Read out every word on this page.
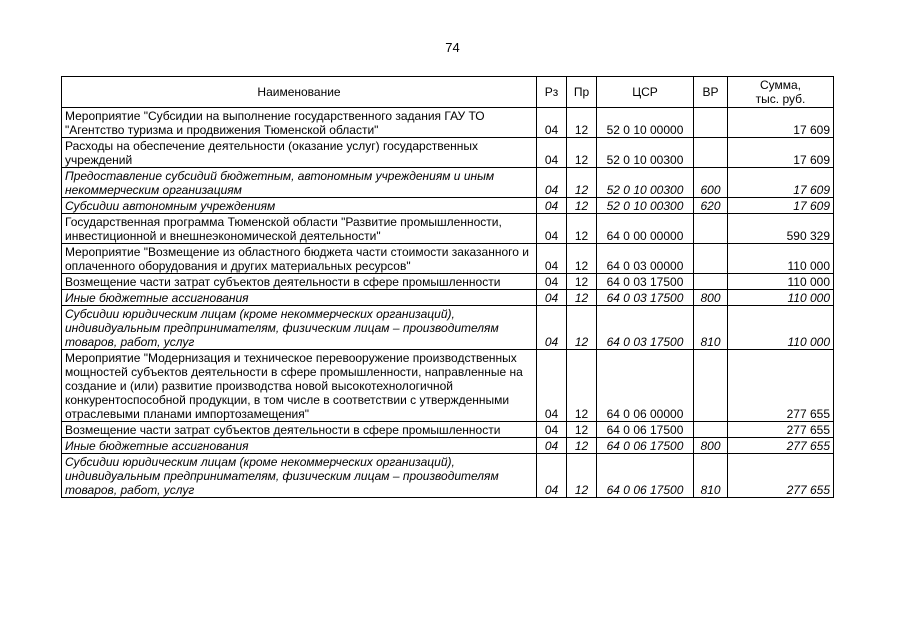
74
Наименование	Рз	Пр	ЦСР	ВР	Сумма,
тыс. руб.

Мероприятие "Субсидии на выполнение государственного задания ГАУ ТО "Агентство туризма и продвижения Тюменской области"	04	12	52 0 10 00000		17 609
Расходы на обеспечение деятельности (оказание услуг) государственных учреждений	04	12	52 0 10 00300		17 609
Предоставление субсидий бюджетным, автономным учреждениям и иным некоммерческим организациям	04	12	52 0 10 00300	600	17 609
Субсидии автономным учреждениям	04	12	52 0 10 00300	620	17 609
Государственная программа Тюменской области "Развитие промышленности, инвестиционной и внешнеэкономической деятельности"	04	12	64 0 00 00000		590 329
Мероприятие "Возмещение из областного бюджета части стоимости заказанного и оплаченного оборудования и других материальных ресурсов"	04	12	64 0 03 00000		110 000
Возмещение части затрат субъектов деятельности в сфере промышленности	04	12	64 0 03 17500		110 000
Иные бюджетные ассигнования	04	12	64 0 03 17500	800	110 000
Субсидии юридическим лицам (кроме некоммерческих организаций), индивидуальным предпринимателям, физическим лицам – производителям товаров, работ, услуг	04	12	64 0 03 17500	810	110 000
Мероприятие "Модернизация и техническое перевооружение производственных мощностей субъектов деятельности в сфере промышленности, направленные на создание и (или) развитие производства новой высокотехнологичной конкурентоспособной продукции, в том числе в соответствии с утвержденными отраслевыми планами импортозамещения"	04	12	64 0 06 00000		277 655
Возмещение части затрат субъектов деятельности в сфере промышленности	04	12	64 0 06 17500		277 655
Иные бюджетные ассигнования	04	12	64 0 06 17500	800	277 655
Субсидии юридическим лицам (кроме некоммерческих организаций), индивидуальным предпринимателям, физическим лицам – производителям товаров, работ, услуг	04	12	64 0 06 17500	810	277 655
